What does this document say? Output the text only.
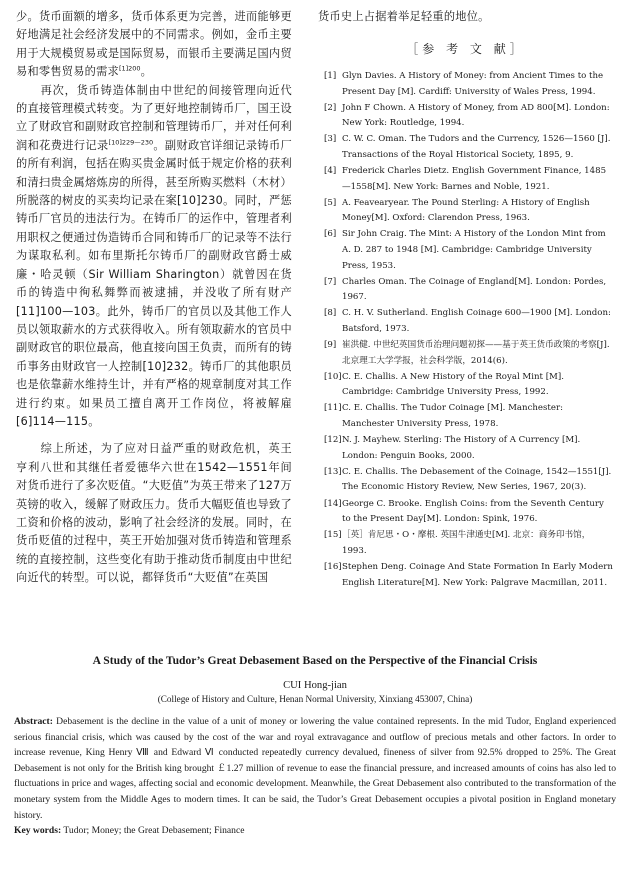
少。货币面额的增多，货币体系更为完善，进而能够更好地满足社会经济发展中的不同需求。例如，金币主要用于大规模贸易或是国际贸易，而银币主要满足国内贸易和零售贸易的需求$^{[1]200}$。

再次，货币铸造体制由中世纪的间接管理向近代的直接管理模式转变。为了更好地控制铸币厂，国王设立了财政官和副财政官控制和管理铸币厂，并对任何利润和花费进行记录$^{[10]229—230}$。副财政官详细记录铸币厂的所有利润，包括在购买贵金属时低于规定价格的获利和清扫贵金属熔炼房的所得，甚至所购买燃料（木材）所脱落的树皮的买卖均记录在案[10]230。同时，严惩铸币厂官员的违法行为。在铸币厂的运作中，管理者利用职权之便通过伪造铸币合同和铸币厂的记录等不法行为谋取私利。如布里斯托尔铸币厂的副财政官爵士威廉・哈灵顿（Sir William Sharington）就曾因在货币的铸造中徇私舞弊而被逮捕，并没收了所有财产[11]100—103。此外，铸币厂的官员以及其他工作人员以领取薪水的方式获得收入。所有领取薪水的官员中副财政官的职位最高，他直接向国王负责，而所有的铸币事务由财政官一人控制[10]232。铸币厂的其他职员也是依靠薪水维持生计，并有严格的规章制度对其工作进行约束。如果员工擅自离开工作岗位，将被解雇[6]114—115。

综上所述，为了应对日益严重的财政危机，英王亨利八世和其继任者爱德华六世在1542—1551年间对货币进行了多次贬值。“大贬值”为英王带来了127万英镑的收入，缓解了财政压力。货币大幅贬值也导致了工资和价格的波动，影响了社会经济的发展。同时，在货币贬值的过程中，英王开始加强对货币铸造和管理系统的直接控制，这些变化有助于推动货币制度由中世纪向近代的转型。可以说，都铎货币“大贬值”在英国

货币史上占据着举足轻重的地位。
［参 考 文 献］
[1] Glyn Davies. A History of Money: from Ancient Times to the Present Day [M]. Cardiff: University of Wales Press, 1994.
[2] John F Chown. A History of Money, from AD 800[M]. London: New York: Routledge, 1994.
[3] C. W. C. Oman. The Tudors and the Currency, 1526—1560 [J]. Transactions of the Royal Historical Society, 1895, 9.
[4] Frederick Charles Dietz. English Government Finance, 1485—1558[M]. New York: Barnes and Noble, 1921.
[5] A. Feavearyear. The Pound Sterling: A History of English Money[M]. Oxford: Clarendon Press, 1963.
[6] Sir John Craig. The Mint: A History of the London Mint from A. D. 287 to 1948 [M]. Cambridge: Cambridge University Press, 1953.
[7] Charles Oman. The Coinage of England[M]. London: Pordes, 1967.
[8] C. H. V. Sutherland. English Coinage 600—1900 [M]. London: Batsford, 1973.
[9] 崔洪健. 中世纪英国货币治理问题初探——基于英王货币政策的考察[J]. 北京理工大学学报，社会科学版，2014(6).
[10] C. E. Challis. A New History of the Royal Mint [M]. Cambridge: Cambridge University Press, 1992.
[11] C. E. Challis. The Tudor Coinage [M]. Manchester: Manchester University Press, 1978.
[12] N. J. Mayhew. Sterling: The History of A Currency [M]. London: Penguin Books, 2000.
[13] C. E. Challis. The Debasement of the Coinage, 1542—1551[J]. The Economic History Review, New Series, 1967, 20(3).
[14] George C. Brooke. English Coins: from the Seventh Century to the Present Day[M]. London: Spink, 1976.
[15] ［英］肯尼思・O・摩根. 英国牛津通史[M]. 北京：商务印书馆，1993.
[16] Stephen Deng. Coinage And State Formation In Early Modern English Literature[M]. New York: Palgrave Macmillan, 2011.
A Study of the Tudor’s Great Debasement Based on the Perspective of the Financial Crisis
CUI Hong-jian
(College of History and Culture, Henan Normal University, Xinxiang 453007, China)
Abstract: Debasement is the decline in the value of a unit of money or lowering the value contained represents. In the mid Tudor, England experienced serious financial crisis, which was caused by the cost of the war and royal extravagance and outflow of precious metals and other factors. In order to increase revenue, King Henry Ⅷ and Edward Ⅵ conducted repeatedly currency devalued, fineness of silver from 92.5% dropped to 25%. The Great Debasement is not only for the British king brought ￡1.27 million of revenue to ease the financial pressure, and increased amounts of coins has also led to fluctuations in price and wages, affecting social and economic development. Meanwhile, the Great Debasement also contributed to the transformation of the monetary system from the Middle Ages to modern times. It can be said, the Tudor’s Great Debasement occupies a pivotal position in England monetary history.
Key words: Tudor; Money; the Great Debasement; Finance
